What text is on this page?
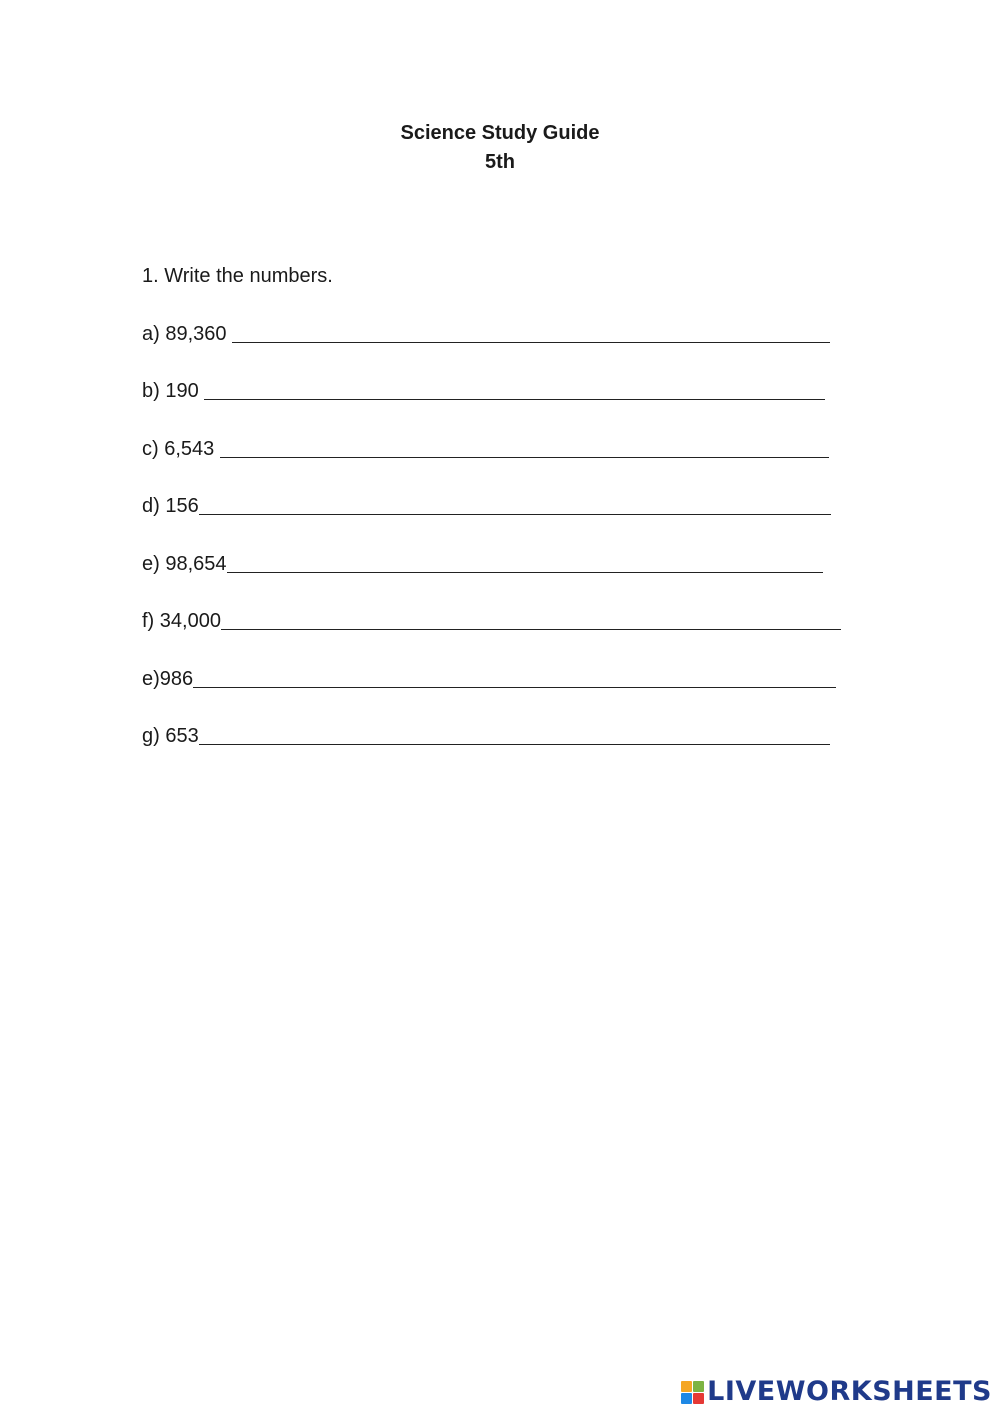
Science Study Guide
5th
1. Write the numbers.
a) 89,360
b) 190
c) 6,543
d) 156
e) 98,654
f) 34,000
e)986
g) 653
LIVEWORKSHEETS
